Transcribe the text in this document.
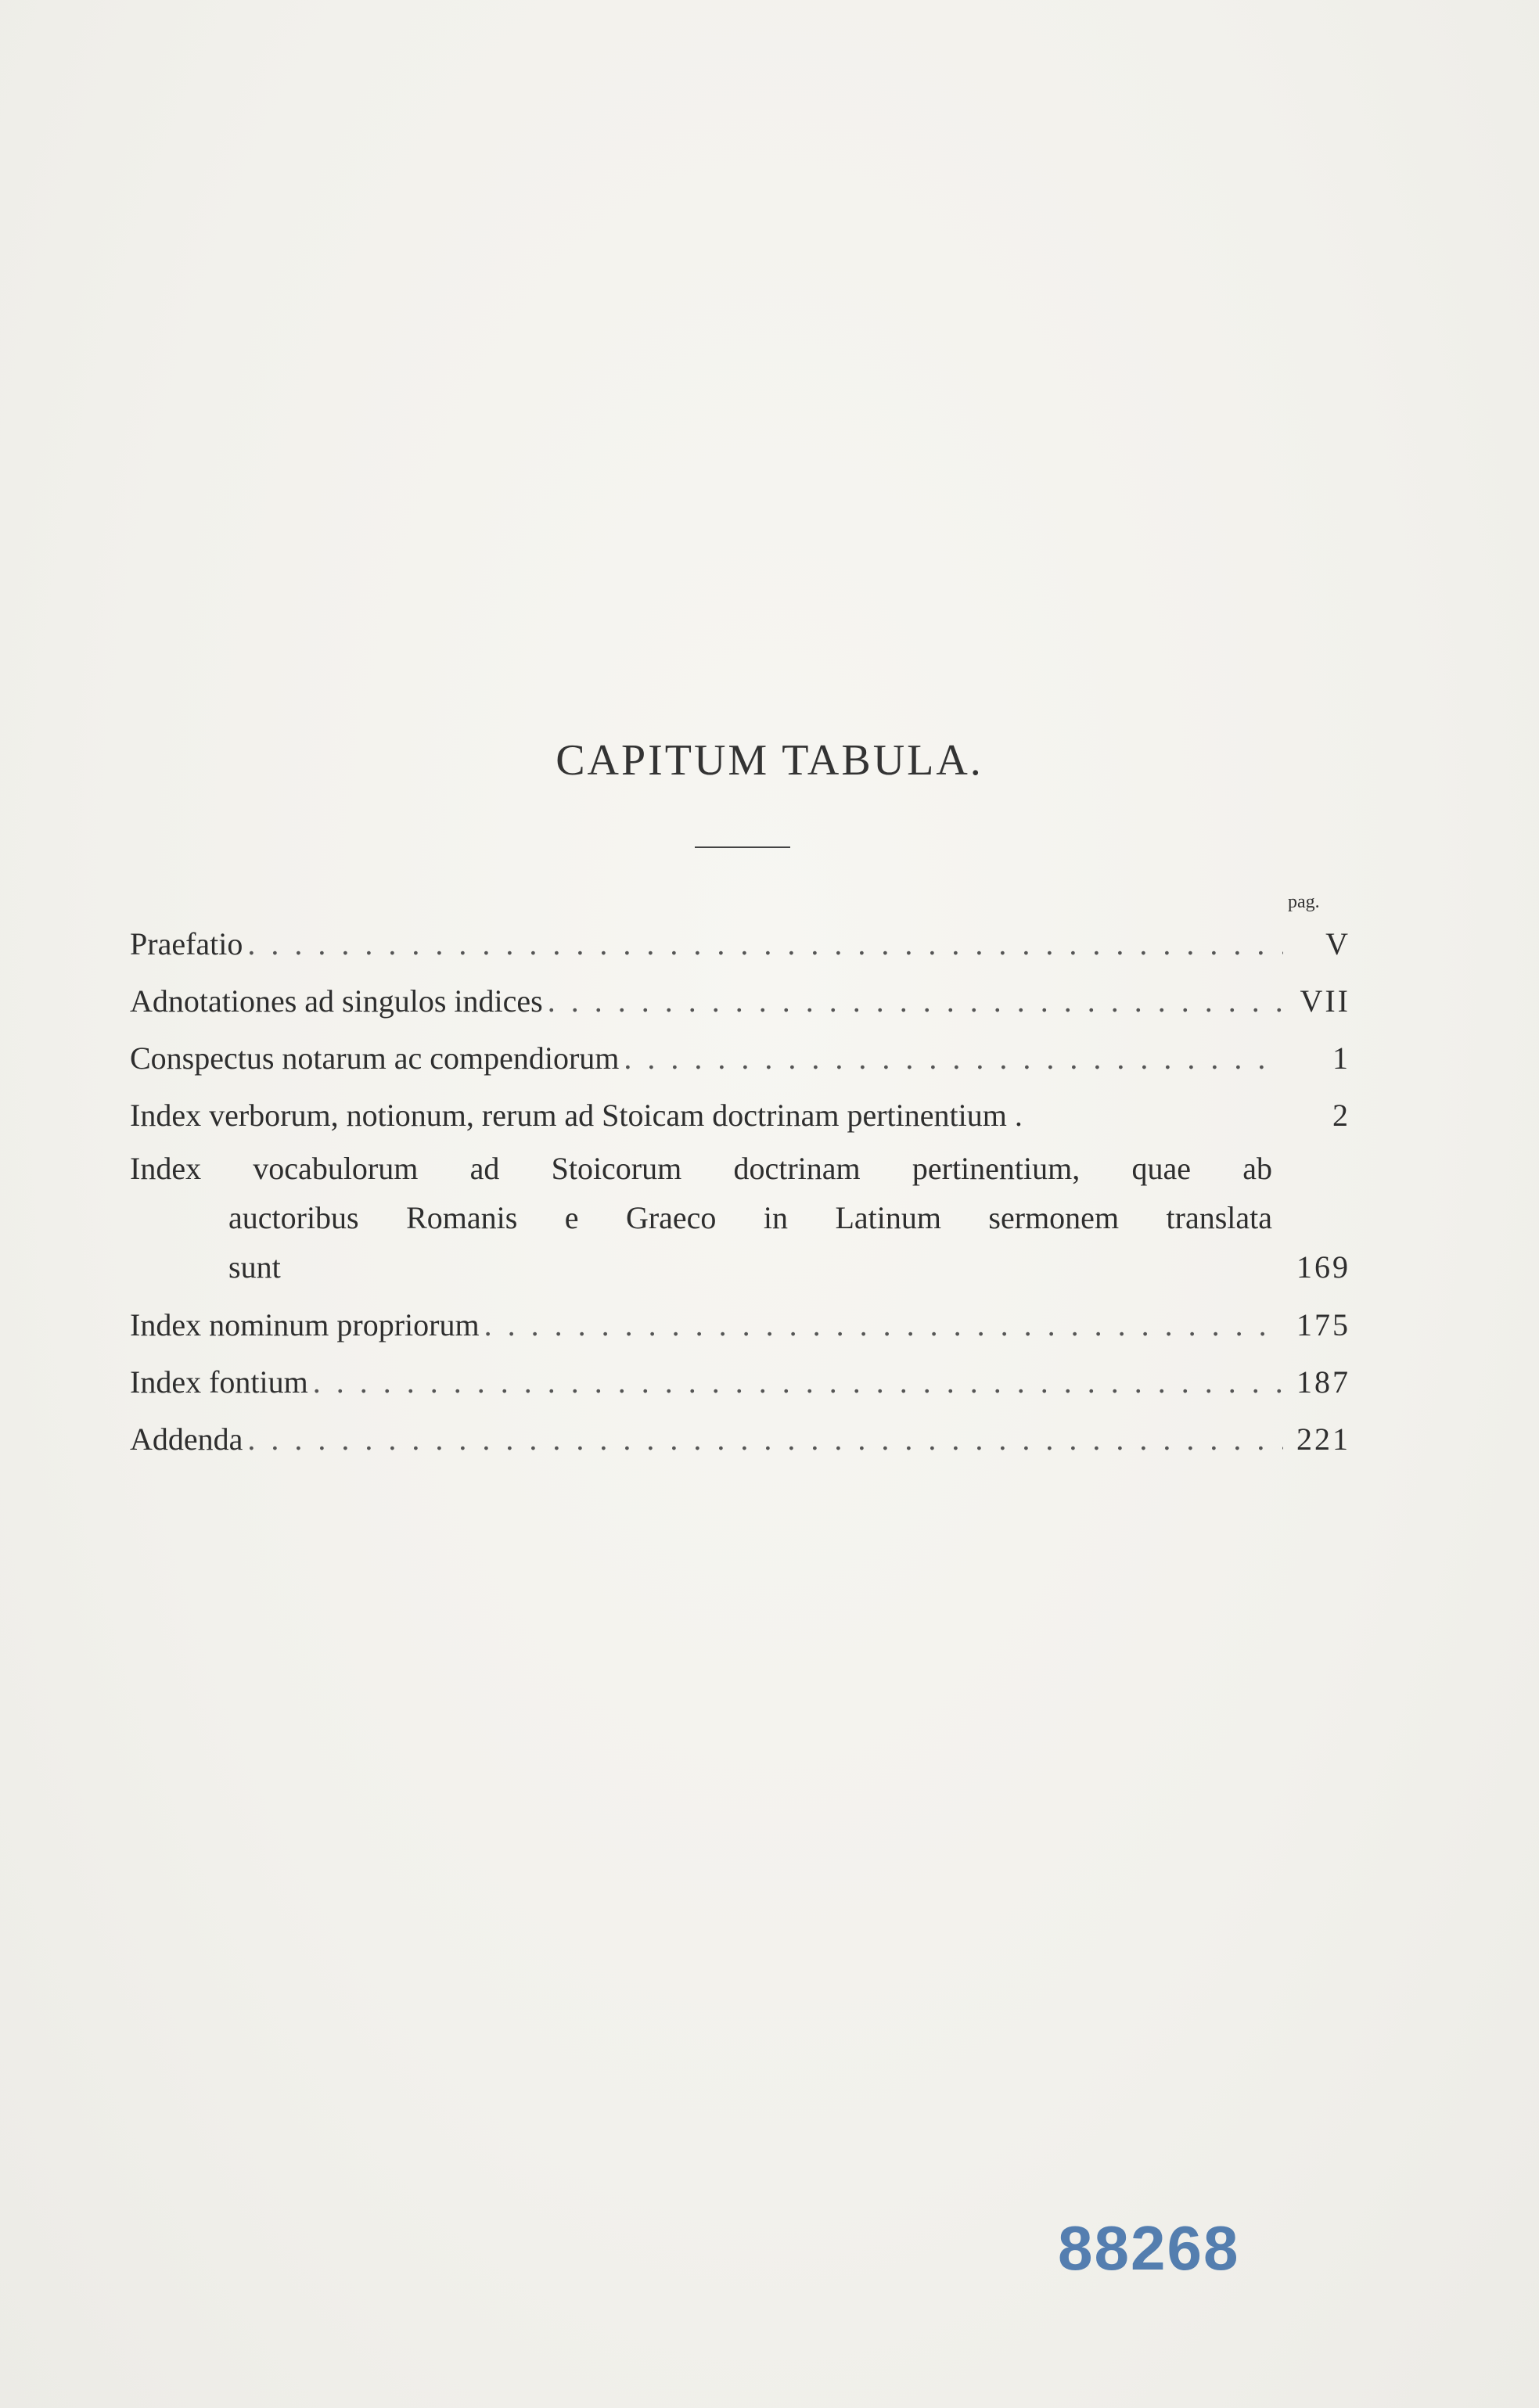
CAPITUM TABULA.
pag.
Praefatio . . .	V
Adnotationes ad singulos indices . . .	VII
Conspectus notarum ac compendiorum . . .	1
Index verborum, notionum, rerum ad Stoicam doctrinam pertinentium .	2
Index vocabulorum ad Stoicorum doctrinam pertinentium, quae ab
auctoribus Romanis e Graeco in Latinum sermonem translata
sunt	169
Index nominum propriorum . . .	175
Index fontium . . .	187
Addenda . . .	221
88268
